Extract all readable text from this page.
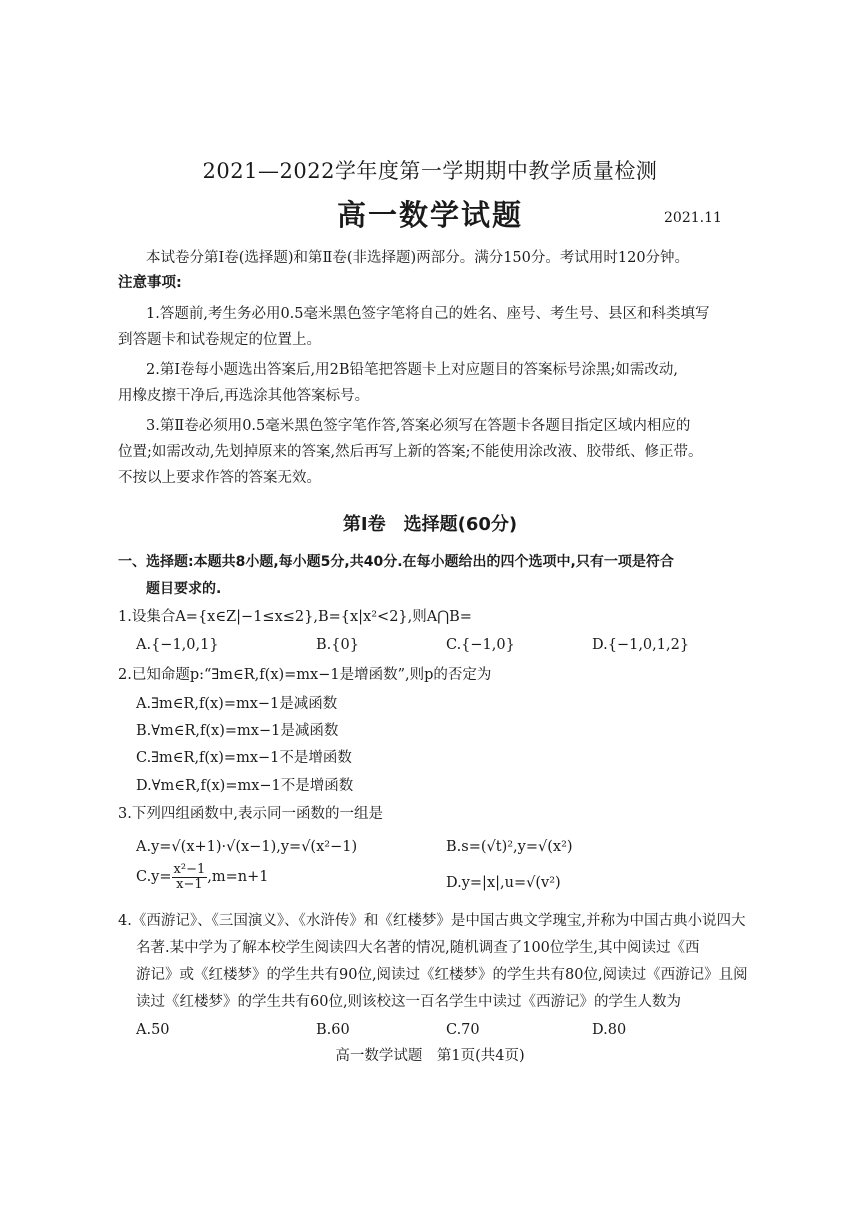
2021—2022学年度第一学期期中教学质量检测
高一数学试题	2021.11
本试卷分第Ⅰ卷(选择题)和第Ⅱ卷(非选择题)两部分。满分150分。考试用时120分钟。
注意事项:
1.答题前,考生务必用0.5毫米黑色签字笔将自己的姓名、座号、考生号、县区和科类填写
到答题卡和试卷规定的位置上。
2.第Ⅰ卷每小题选出答案后,用2B铅笔把答题卡上对应题目的答案标号涂黑;如需改动,
用橡皮擦干净后,再选涂其他答案标号。
3.第Ⅱ卷必须用0.5毫米黑色签字笔作答,答案必须写在答题卡各题目指定区域内相应的
位置;如需改动,先划掉原来的答案,然后再写上新的答案;不能使用涂改液、胶带纸、修正带。
不按以上要求作答的答案无效。
第Ⅰ卷　选择题(60分)
一、选择题:本题共8小题,每小题5分,共40分.在每小题给出的四个选项中,只有一项是符合
题目要求的.
1.设集合A={x∈Z|−1≤x≤2},B={x|x²<2},则A⋂B=
A.{−1,0,1}	B.{0}	C.{−1,0}	D.{−1,0,1,2}
2.已知命题p:“∃m∈R,f(x)=mx−1是增函数”,则p的否定为
A.∃m∈R,f(x)=mx−1是减函数
B.∀m∈R,f(x)=mx−1是减函数
C.∃m∈R,f(x)=mx−1不是增函数
D.∀m∈R,f(x)=mx−1不是增函数
3.下列四组函数中,表示同一函数的一组是
A.y=√(x+1)·√(x−1),y=√(x²−1)	B.s=(√t)²,y=√(x²)
$C.y= \frac{\text{x²−1}}{x-1} ,m=n+1$	D.y=|x|,u=√(v²)
4.《西游记》、《三国演义》、《水浒传》和《红楼梦》是中国古典文学瑰宝,并称为中国古典小说四大
名著.某中学为了解本校学生阅读四大名著的情况,随机调查了100位学生,其中阅读过《西
游记》或《红楼梦》的学生共有90位,阅读过《红楼梦》的学生共有80位,阅读过《西游记》且阅
读过《红楼梦》的学生共有60位,则该校这一百名学生中读过《西游记》的学生人数为
A.50	B.60	C.70	D.80
高一数学试题　第1页(共4页)
